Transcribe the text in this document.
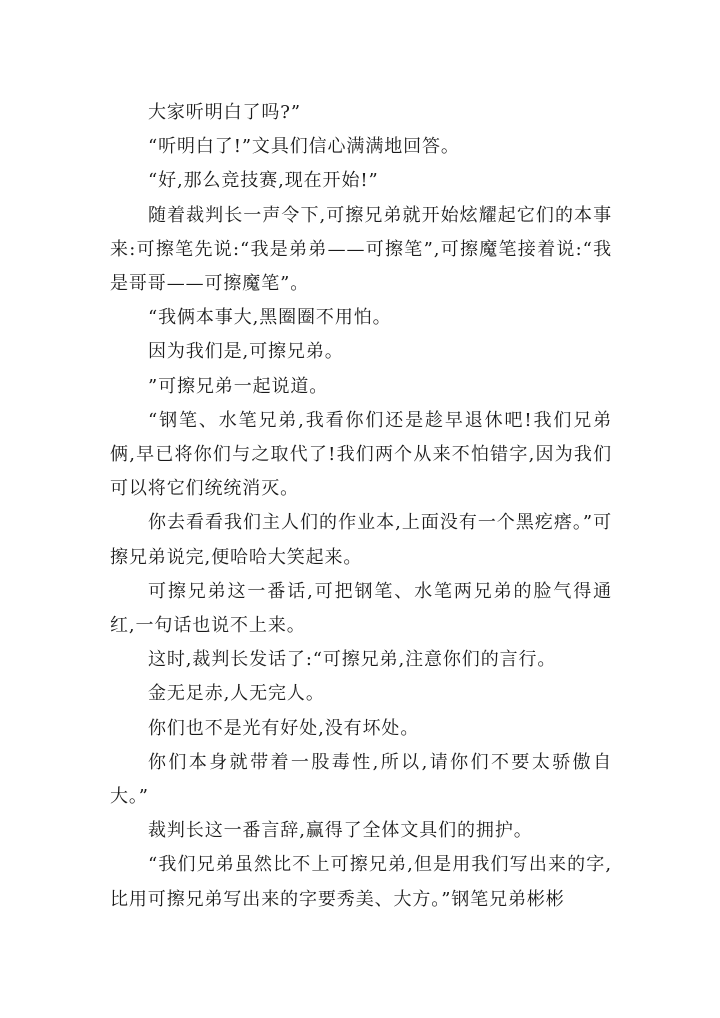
大家听明白了吗?”

“听明白了!”文具们信心满满地回答。

“好,那么竞技赛,现在开始!”

随着裁判长一声令下,可擦兄弟就开始炫耀起它们的本事来:可擦笔先说:“我是弟弟——可擦笔”,可擦魔笔接着说:“我是哥哥——可擦魔笔”。

“我俩本事大,黑圈圈不用怕。

因为我们是,可擦兄弟。

”可擦兄弟一起说道。

“钢笔、水笔兄弟,我看你们还是趁早退休吧!我们兄弟俩,早已将你们与之取代了!我们两个从来不怕错字,因为我们可以将它们统统消灭。

你去看看我们主人们的作业本,上面没有一个黑疙瘩。”可擦兄弟说完,便哈哈大笑起来。

可擦兄弟这一番话,可把钢笔、水笔两兄弟的脸气得通红,一句话也说不上来。

这时,裁判长发话了:“可擦兄弟,注意你们的言行。

金无足赤,人无完人。

你们也不是光有好处,没有坏处。

你们本身就带着一股毒性,所以,请你们不要太骄傲自大。”

裁判长这一番言辞,赢得了全体文具们的拥护。

“我们兄弟虽然比不上可擦兄弟,但是用我们写出来的字,比用可擦兄弟写出来的字要秀美、大方。”钢笔兄弟彬彬
